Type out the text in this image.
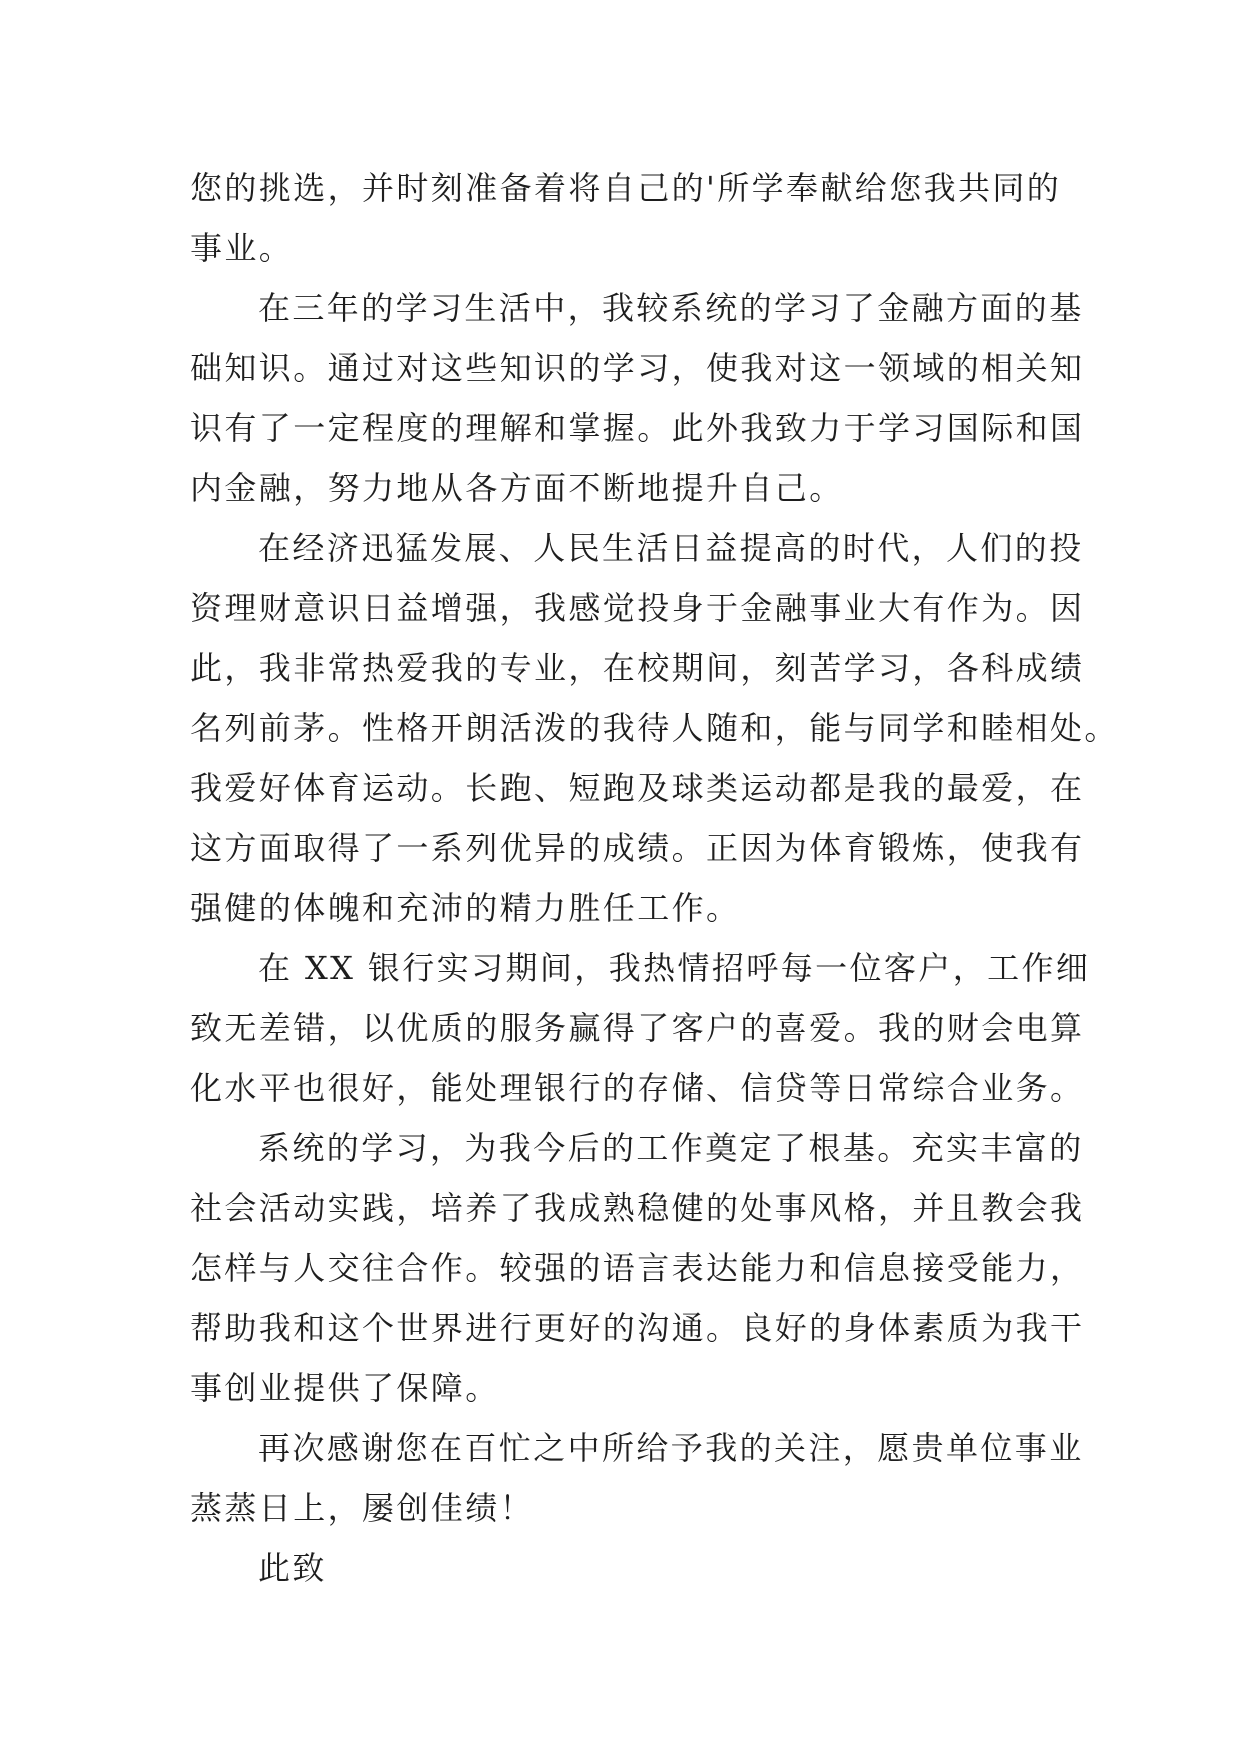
您的挑选，并时刻准备着将自己的'所学奉献给您我共同的
事业。
在三年的学习生活中，我较系统的学习了金融方面的基
础知识。通过对这些知识的学习，使我对这一领域的相关知
识有了一定程度的理解和掌握。此外我致力于学习国际和国
内金融，努力地从各方面不断地提升自己。
在经济迅猛发展、人民生活日益提高的时代，人们的投
资理财意识日益增强，我感觉投身于金融事业大有作为。因
此，我非常热爱我的专业，在校期间，刻苦学习，各科成绩
名列前茅。性格开朗活泼的我待人随和，能与同学和睦相处。
我爱好体育运动。长跑、短跑及球类运动都是我的最爱，在
这方面取得了一系列优异的成绩。正因为体育锻炼，使我有
强健的体魄和充沛的精力胜任工作。
在 XX 银行实习期间，我热情招呼每一位客户，工作细
致无差错，以优质的服务赢得了客户的喜爱。我的财会电算
化水平也很好，能处理银行的存储、信贷等日常综合业务。
系统的学习，为我今后的工作奠定了根基。充实丰富的
社会活动实践，培养了我成熟稳健的处事风格，并且教会我
怎样与人交往合作。较强的语言表达能力和信息接受能力，
帮助我和这个世界进行更好的沟通。良好的身体素质为我干
事创业提供了保障。
再次感谢您在百忙之中所给予我的关注，愿贵单位事业
蒸蒸日上，屡创佳绩！
此致
